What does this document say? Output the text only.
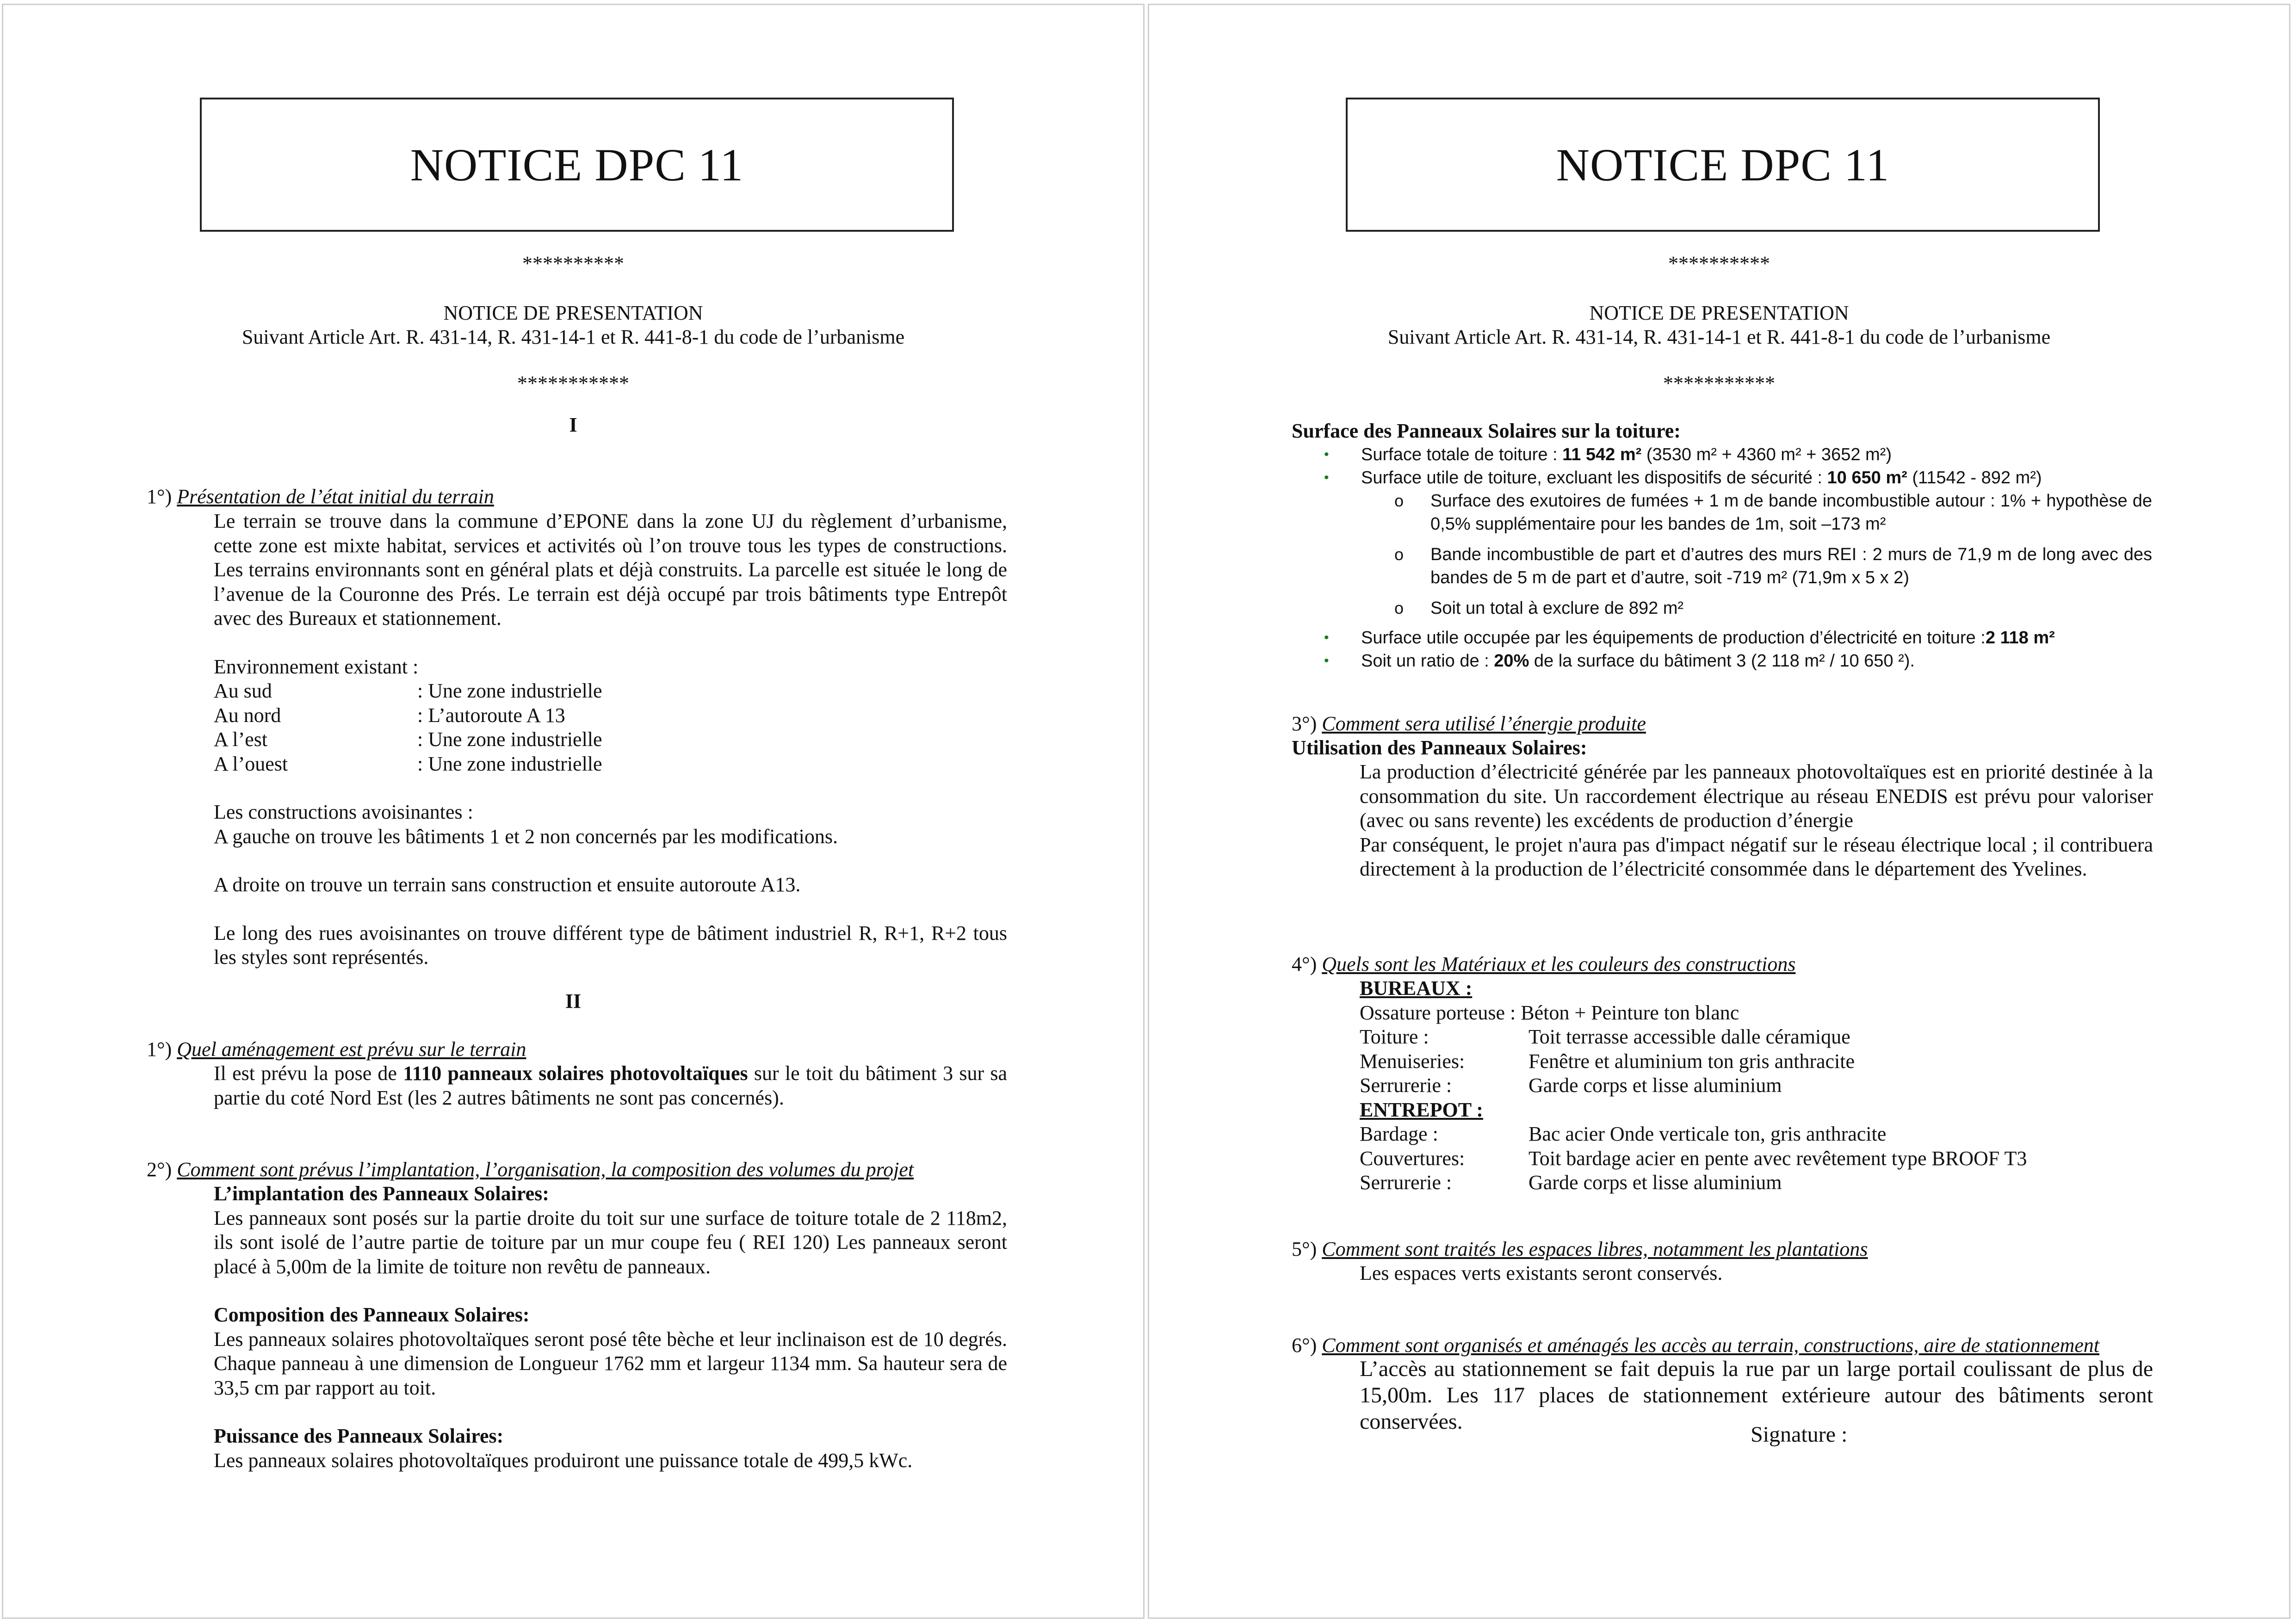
NOTICE DPC 11
**********
NOTICE DE PRESENTATION
Suivant Article Art. R. 431-14, R. 431-14-1 et R. 441-8-1 du code de l’urbanisme
***********
I
1°) Présentation de l’état initial du terrain
Le terrain se trouve dans la commune d’EPONE dans la zone UJ du règlement d’urbanisme, cette zone est mixte habitat, services et activités où l’on trouve tous les types de constructions. Les terrains environnants sont en général plats et déjà construits. La parcelle est située le long de l’avenue de la Couronne des Prés. Le terrain est déjà occupé par trois bâtiments type Entrepôt avec des Bureaux et stationnement.
Environnement existant :
Au sud	: Une zone industrielle
Au nord	: L’autoroute A 13
A l’est	: Une zone industrielle
A l’ouest	: Une zone industrielle
Les constructions avoisinantes :
A gauche on trouve les bâtiments 1 et 2 non concernés par les modifications.
A droite on trouve un terrain sans construction et ensuite autoroute A13.
Le long des rues avoisinantes on trouve différent type de bâtiment industriel R, R+1, R+2 tous les styles sont représentés.
II
1°) Quel aménagement est prévu sur le terrain
Il est prévu la pose de 1110 panneaux solaires photovoltaïques sur le toit du bâtiment 3 sur sa partie du coté Nord Est (les 2 autres bâtiments ne sont pas concernés).
2°) Comment sont prévus l’implantation, l’organisation, la composition des volumes du projet
L’implantation des Panneaux Solaires:
Les panneaux sont posés sur la partie droite du toit sur une surface de toiture totale de 2 118m2, ils sont isolé de l’autre partie de toiture par un mur coupe feu ( REI 120) Les panneaux seront placé à 5,00m de la limite de toiture non revêtu de panneaux.
Composition des Panneaux Solaires:
Les panneaux solaires photovoltaïques seront posé tête bèche et leur inclinaison est de 10 degrés. Chaque panneau à une dimension de Longueur 1762 mm et largeur 1134 mm. Sa hauteur sera de 33,5 cm par rapport au toit.
Puissance des Panneaux Solaires:
Les panneaux solaires photovoltaïques produiront une puissance totale de 499,5 kWc.
NOTICE DPC 11
**********
NOTICE DE PRESENTATION
Suivant Article Art. R. 431-14, R. 431-14-1 et R. 441-8-1 du code de l’urbanisme
***********
Surface des Panneaux Solaires sur la toiture:
• Surface totale de toiture : 11 542 m² (3530 m² + 4360 m² + 3652 m²)
• Surface utile de toiture, excluant les dispositifs de sécurité : 10 650 m² (11542 - 892 m²)
o Surface des exutoires de fumées + 1 m de bande incombustible autour : 1% + hypothèse de 0,5% supplémentaire pour les bandes de 1m, soit –173 m²
o Bande incombustible de part et d’autres des murs REI : 2 murs de 71,9 m de long avec des bandes de 5 m de part et d’autre, soit -719 m² (71,9m x 5 x 2)
o Soit un total à exclure de 892 m²
• Surface utile occupée par les équipements de production d’électricité en toiture :2 118 m²
• Soit un ratio de : 20% de la surface du bâtiment 3 (2 118 m² / 10 650 ²).
3°) Comment sera utilisé l’énergie produite
Utilisation des Panneaux Solaires:
La production d’électricité générée par les panneaux photovoltaïques est en priorité destinée à la consommation du site. Un raccordement électrique au réseau ENEDIS est prévu pour valoriser (avec ou sans revente) les excédents de production d’énergie
Par conséquent, le projet n'aura pas d'impact négatif sur le réseau électrique local ; il contribuera directement à la production de l’électricité consommée dans le département des Yvelines.
4°) Quels sont les Matériaux et les couleurs des constructions
BUREAUX :
Ossature porteuse : Béton + Peinture ton blanc
Toiture :	Toit terrasse accessible dalle céramique
Menuiseries:	Fenêtre et aluminium ton gris anthracite
Serrurerie :	Garde corps et lisse aluminium
ENTREPOT :
Bardage :	Bac acier Onde verticale ton, gris anthracite
Couvertures:	Toit bardage acier en pente avec revêtement type BROOF T3
Serrurerie :	Garde corps et lisse aluminium
5°) Comment sont traités les espaces libres, notamment les plantations
Les espaces verts existants seront conservés.
6°) Comment sont organisés et aménagés les accès au terrain, constructions, aire de stationnement
L’accès au stationnement se fait depuis la rue par un large portail coulissant de plus de 15,00m. Les 117 places de stationnement extérieure autour des bâtiments seront conservées.
Signature :
